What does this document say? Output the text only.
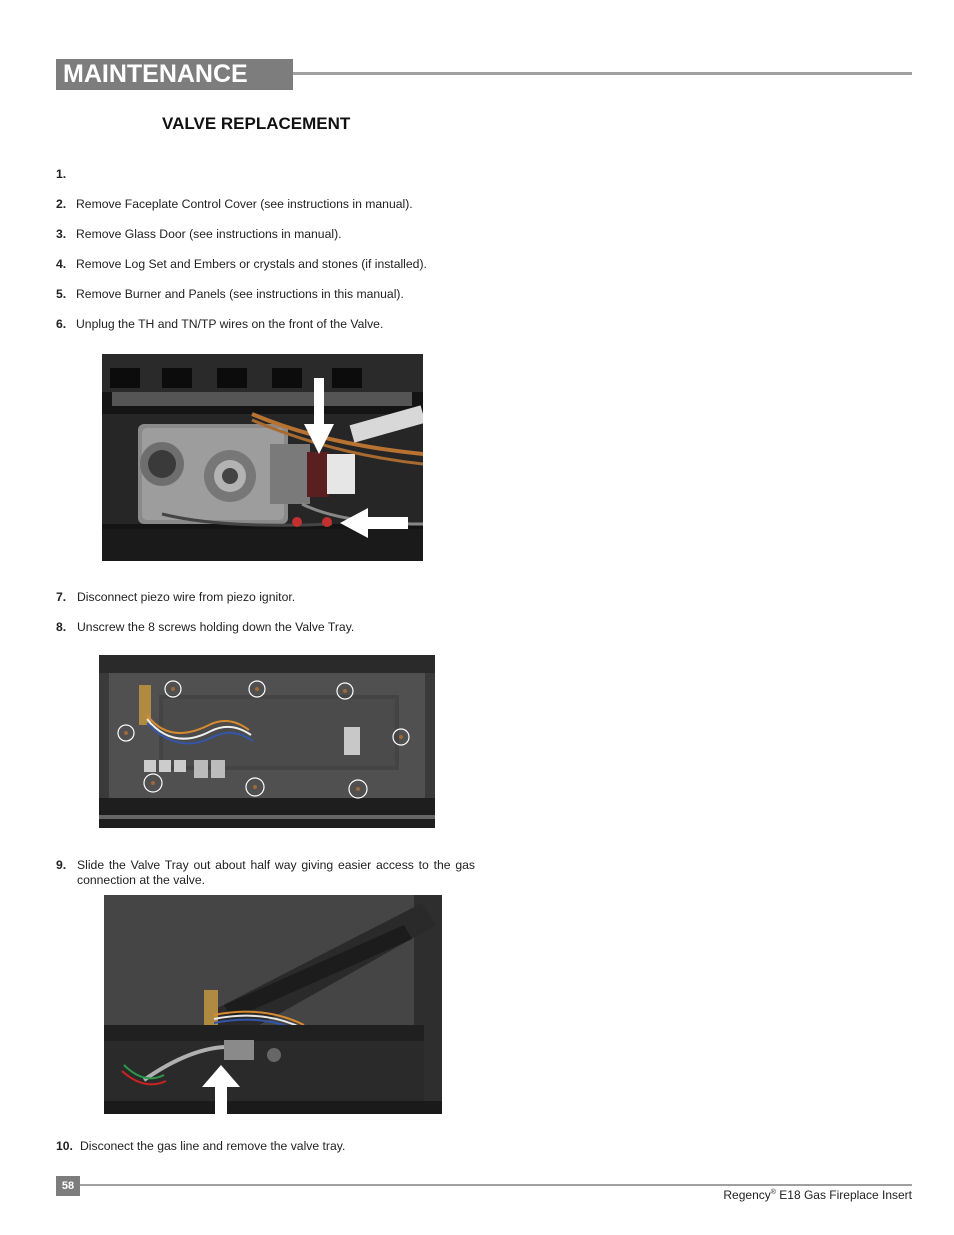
MAINTENANCE
VALVE REPLACEMENT
1.
2. Remove Faceplate Control Cover (see instructions in manual).
3. Remove Glass Door (see instructions in manual).
4. Remove Log Set and Embers or crystals and stones (if installed).
5. Remove Burner and Panels (see instructions in this manual).
6. Unplug the TH and TN/TP wires on the front of the Valve.
7. Disconnect piezo wire from piezo ignitor.
8. Unscrew the 8 screws holding down the Valve Tray.
9. Slide the Valve Tray out about half way giving easier access to the gas connection at the valve.
10. Disconect the gas line and remove the valve tray.
58
Regency® E18 Gas Fireplace Insert
